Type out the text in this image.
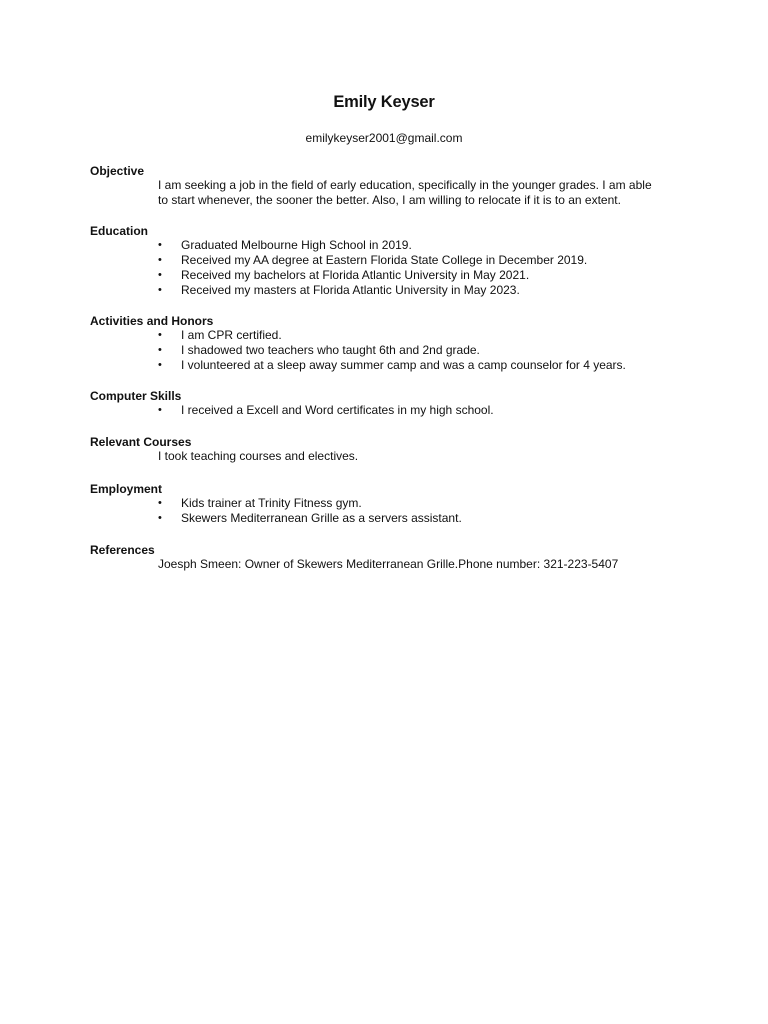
Emily Keyser
emilykeyser2001@gmail.com
Objective
I am seeking a job in the field of early education, specifically in the younger grades. I am able to start whenever, the sooner the better. Also, I am willing to relocate if it is to an extent.
Education
• Graduated Melbourne High School in 2019.
• Received my AA degree at Eastern Florida State College in December 2019.
• Received my bachelors at Florida Atlantic University in May 2021.
• Received my masters at Florida Atlantic University in May 2023.
Activities and Honors
• I am CPR certified.
• I shadowed two teachers who taught 6th and 2nd grade.
• I volunteered at a sleep away summer camp and was a camp counselor for 4 years.
Computer Skills
• I received a Excell and Word certificates in my high school.
Relevant Courses
I took teaching courses and electives.
Employment
• Kids trainer at Trinity Fitness gym.
• Skewers Mediterranean Grille as a servers assistant.
References
Joesph Smeen: Owner of Skewers Mediterranean Grille.Phone number: 321-223-5407
